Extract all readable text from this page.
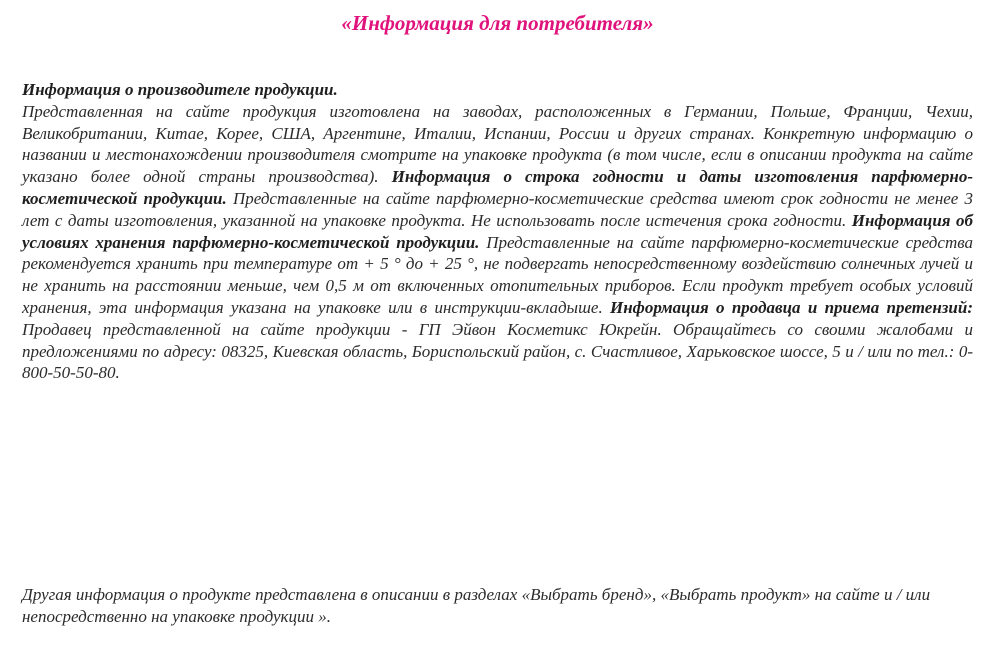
«Информация для потребителя»

Информация о производителе продукции.
Представленная на сайте продукция изготовлена на заводах, расположенных в Германии, Польше, Франции, Чехии, Великобритании, Китае, Корее, США, Аргентине, Италии, Испании, России и других странах. Конкретную информацию о названии и местонахождении производителя смотрите на упаковке продукта (в том числе, если в описании продукта на сайте указано более одной страны производства). Информация о строка годности и даты изготовления парфюмерно-косметической продукции. Представленные на сайте парфюмерно-косметические средства имеют срок годности не менее 3 лет с даты изготовления, указанной на упаковке продукта. Не использовать после истечения срока годности. Информация об условиях хранения парфюмерно-косметической продукции. Представленные на сайте парфюмерно-косметические средства рекомендуется хранить при температуре от + 5 ° до + 25 °, не подвергать непосредственному воздействию солнечных лучей и не хранить на расстоянии меньше, чем 0,5 м от включенных отопительных приборов. Если продукт требует особых условий хранения, эта информация указана на упаковке или в инструкции-вкладыше. Информация о продавца и приема претензий: Продавец представленной на сайте продукции - ГП Эйвон Косметикс Юкрейн. Обращайтесь со своими жалобами и предложениями по адресу: 08325, Киевская область, Бориспольский район, с. Счастливое, Харьковское шоссе, 5 и / или по тел.: 0-800-50-50-80.

Другая информация о продукте представлена в описании в разделах «Выбрать бренд», «Выбрать продукт» на сайте и / или непосредственно на упаковке продукции ».
